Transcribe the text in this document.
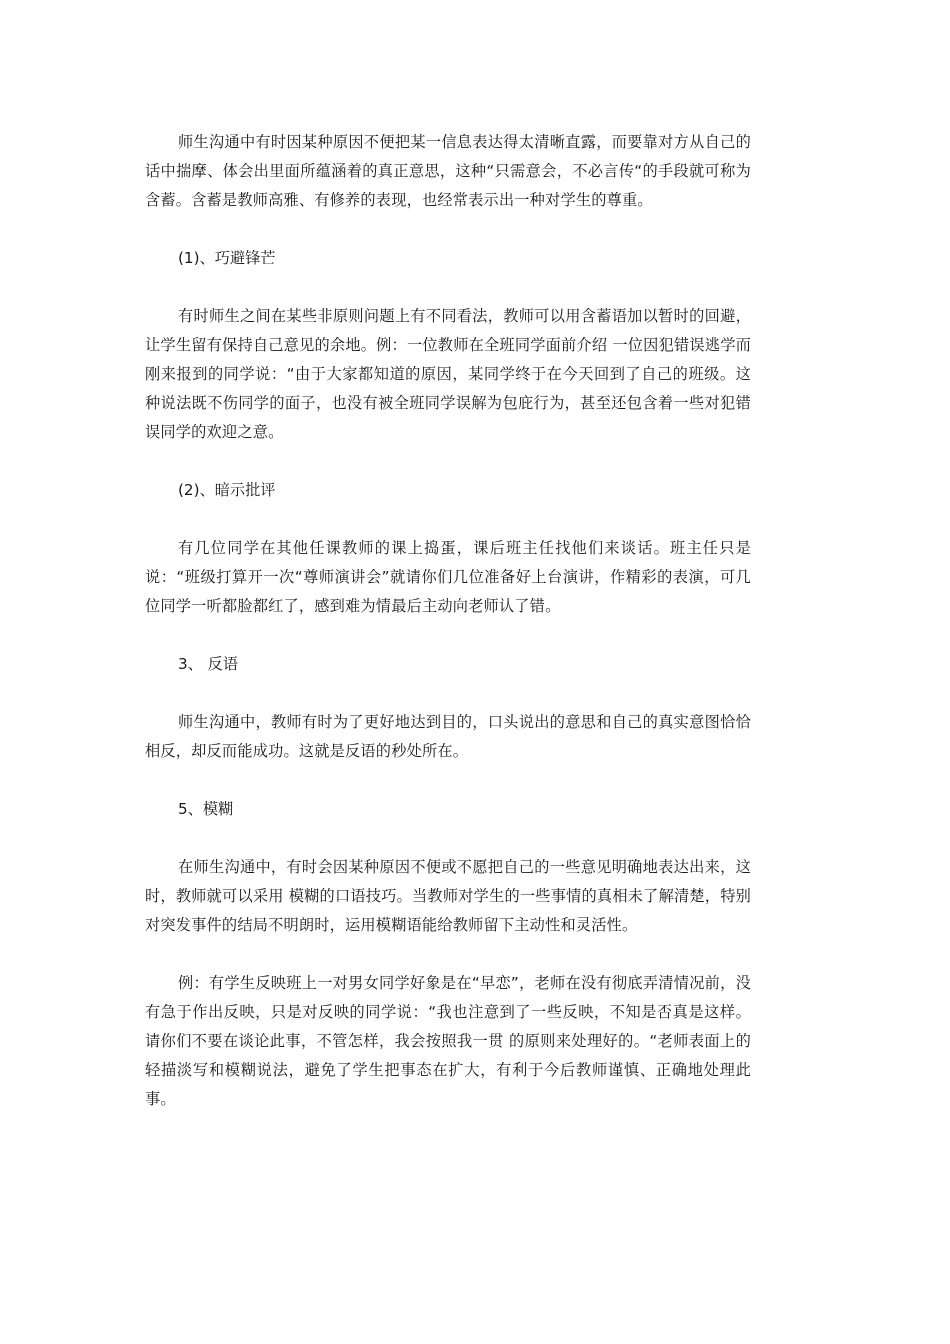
师生沟通中有时因某种原因不便把某一信息表达得太清晰直露，而要靠对方从自己的话中揣摩、体会出里面所蕴涵着的真正意思，这种“只需意会，不必言传“的手段就可称为含蓄。含蓄是教师高雅、有修养的表现，也经常表示出一种对学生的尊重。

(1)、巧避锋芒

有时师生之间在某些非原则问题上有不同看法，教师可以用含蓄语加以暂时的回避，让学生留有保持自己意见的余地。例：一位教师在全班同学面前介绍 一位因犯错误逃学而刚来报到的同学说：“由于大家都知道的原因，某同学终于在今天回到了自己的班级。这种说法既不伤同学的面子，也没有被全班同学误解为包庇行为，甚至还包含着一些对犯错误同学的欢迎之意。

(2)、暗示批评

有几位同学在其他任课教师的课上捣蛋，课后班主任找他们来谈话。班主任只是说：“班级打算开一次“尊师演讲会”就请你们几位准备好上台演讲，作精彩的表演，可几位同学一听都脸都红了，感到难为情最后主动向老师认了错。

3、 反语

师生沟通中，教师有时为了更好地达到目的，口头说出的意思和自己的真实意图恰恰相反，却反而能成功。这就是反语的秒处所在。

5、模糊

在师生沟通中，有时会因某种原因不便或不愿把自己的一些意见明确地表达出来，这时，教师就可以采用 模糊的口语技巧。当教师对学生的一些事情的真相未了解清楚，特别对突发事件的结局不明朗时，运用模糊语能给教师留下主动性和灵活性。

例：有学生反映班上一对男女同学好象是在“早恋”，老师在没有彻底弄清情况前，没有急于作出反映，只是对反映的同学说：“我也注意到了一些反映，不知是否真是这样。请你们不要在谈论此事，不管怎样，我会按照我一贯 的原则来处理好的。“老师表面上的轻描淡写和模糊说法，避免了学生把事态在扩大，有利于今后教师谨慎、正确地处理此事。
